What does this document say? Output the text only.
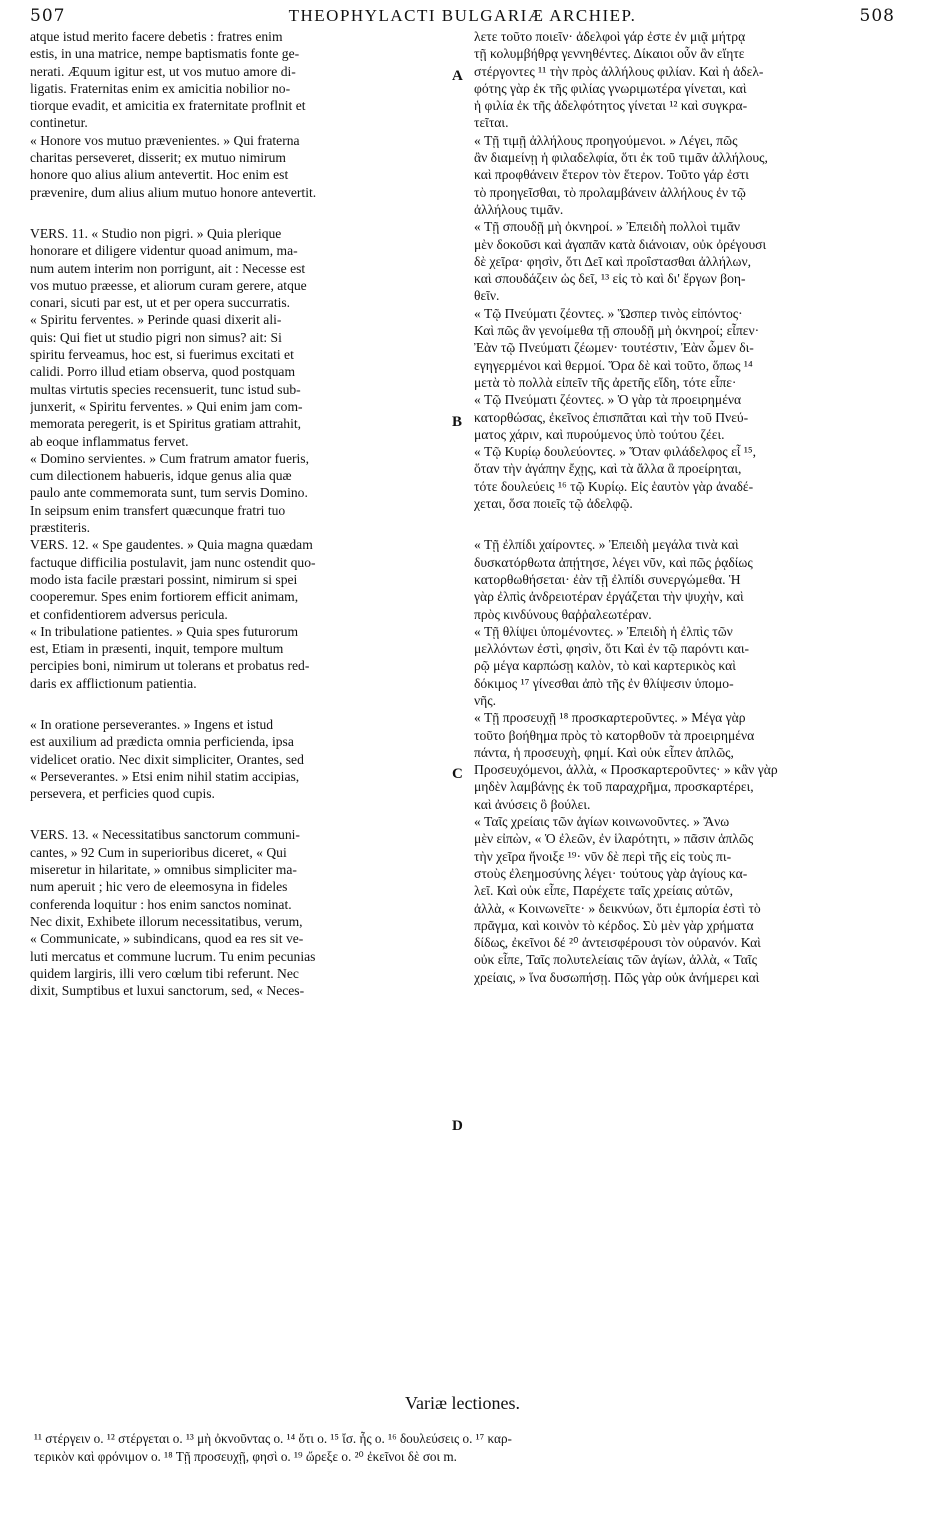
507	THEOPHYLACTI BULGARIÆ ARCHIEP.	508
atque istud merito facere debetis : fratres enim
estis, in una matrice, nempe baptismatis fonte ge-
nerati. Æquum igitur est, ut vos mutuo amore di-
ligatis. Fraternitas enim ex amicitia nobilior no-
tiorque evadit, et amicitia ex fraternitate proflnit et
continetur.
« Honore vos mutuo prævenientes. » Qui fraterna
charitas perseveret, disserit; ex mutuo nimirum
honore quo alius alium antevertit. Hoc enim est
prævenire, dum alius alium mutuo honore antevertit.
VERS. 11. « Studio non pigri. » Quia plerique
honorare et diligere videntur quoad animum, ma-
num autem interim non porrigunt, ait : Necesse est
vos mutuo præesse, et aliorum curam gerere, atque
conari, sicuti par est, ut et per opera succurratis.
« Spiritu ferventes. » Perinde quasi dixerit ali-
quis: Qui fiet ut studio pigri non simus? ait: Si
spiritu ferveamus, hoc est, si fuerimus excitati et
calidi. Porro illud etiam observa, quod postquam
multas virtutis species recensuerit, tunc istud sub-
junxerit, « Spiritu ferventes. » Qui enim jam com-
memorata peregerit, is et Spiritus gratiam attrahit,
ab eoque inflammatus fervet.
« Domino servientes. » Cum fratrum amator fueris,
cum dilectionem habueris, idque genus alia quæ
paulo ante commemorata sunt, tum servis Domino.
In seipsum enim transfert quæcunque fratri tuo
præstiteris.
VERS. 12. « Spe gaudentes. » Quia magna quædam
factuque difficilia postulavit, jam nunc ostendit quo-
modo ista facile præstari possint, nimirum si spei
cooperemur. Spes enim fortiorem efficit animam,
et confidentiorem adversus pericula.
« In tribulatione patientes. » Quia spes futurorum
est, Etiam in præsenti, inquit, tempore multum
percipies boni, nimirum ut tolerans et probatus red-
daris ex afflictionum patientia.
« In oratione perseverantes. » Ingens et istud
est auxilium ad prædicta omnia perficienda, ipsa
videlicet oratio. Nec dixit simpliciter, Orantes, sed
« Perseverantes. » Etsi enim nihil statim accipias,
persevera, et perficies quod cupis.
VERS. 13. « Necessitatibus sanctorum communi-
cantes, » 92 Cum in superioribus diceret, « Qui
miseretur in hilaritate, » omnibus simpliciter ma-
num aperuit ; hic vero de eleemosyna in fideles
conferenda loquitur : hos enim sanctos nominat.
Nec dixit, Exhibete illorum necessitatibus, verum,
« Communicate, » subindicans, quod ea res sit ve-
luti mercatus et commune lucrum. Tu enim pecunias
quidem largiris, illi vero cœlum tibi referunt. Nec
dixit, Sumptibus et luxui sanctorum, sed, « Neces-
A
B
C
D
λετε τοῦτο ποιεῖν· ἀδελφοὶ γάρ ἐστε ἐν μιᾷ μήτρᾳ
τῇ κολυμβήθρᾳ γεννηθέντες. Δίκαιοι οὖν ἂν εἴητε
στέργοντες ¹¹ τὴν πρὸς ἀλλήλους φιλίαν. Καὶ ἡ ἀδελ-
φότης γὰρ ἐκ τῆς φιλίας γνωριμωτέρα γίνεται, καὶ
ἡ φιλία ἐκ τῆς ἀδελφότητος γίνεται ¹² καὶ συγκρα-
τεῖται.
« Τῇ τιμῇ ἀλλήλους προηγούμενοι. » Λέγει, πῶς
ἂν διαμείνῃ ἡ φιλαδελφία, ὅτι ἐκ τοῦ τιμᾶν ἀλλήλους,
καὶ προφθάνειν ἕτερον τὸν ἕτερον. Τοῦτο γάρ ἐστι
τὸ προηγεῖσθαι, τὸ προλαμβάνειν ἀλλήλους ἐν τῷ
ἀλλήλους τιμᾶν.
« Τῇ σπουδῇ μὴ ὀκνηροί. » Ἐπειδὴ πολλοὶ τιμᾶν
μὲν δοκοῦσι καὶ ἀγαπᾶν κατὰ διάνοιαν, οὐκ ὀρέγουσι
δὲ χεῖρα· φησὶν, ὅτι Δεῖ καὶ προΐστασθαι ἀλλήλων,
καὶ σπουδάζειν ὡς δεῖ, ¹³ εἰς τὸ καὶ δι' ἔργων βοη-
θεῖν.
« Τῷ Πνεύματι ζέοντες. » Ὥσπερ τινὸς εἰπόντος·
Καὶ πῶς ἂν γενοίμεθα τῇ σπουδῇ μὴ ὀκνηροί; εἶπεν·
Ἐὰν τῷ Πνεύματι ζέωμεν· τουτέστιν, Ἐὰν ὦμεν δι-
εγηγερμένοι καὶ θερμοί. Ὅρα δὲ καὶ τοῦτο, ὅπως ¹⁴
μετὰ τὸ πολλὰ εἰπεῖν τῆς ἀρετῆς εἴδη, τότε εἶπε·
« Τῷ Πνεύματι ζέοντες. » Ὁ γὰρ τὰ προειρημένα
κατορθώσας, ἐκεῖνος ἐπισπᾶται καὶ τὴν τοῦ Πνεύ-
ματος χάριν, καὶ πυρούμενος ὑπὸ τούτου ζέει.
« Τῷ Κυρίῳ δουλεύοντες. » Ὅταν φιλάδελφος εἶ ¹⁵,
ὅταν τὴν ἀγάπην ἔχῃς, καὶ τὰ ἄλλα ἃ προείρηται,
τότε δουλεύεις ¹⁶ τῷ Κυρίῳ. Εἰς ἑαυτὸν γὰρ ἀναδέ-
χεται, ὅσα ποιεῖς τῷ ἀδελφῷ.
« Τῇ ἐλπίδι χαίροντες. » Ἐπειδὴ μεγάλα τινὰ καὶ
δυσκατόρθωτα ἀπῄτησε, λέγει νῦν, καὶ πῶς ῥᾳδίως
κατορθωθήσεται· ἐὰν τῇ ἐλπίδι συνεργώμεθα. Ἡ
γὰρ ἐλπὶς ἀνδρειοτέραν ἐργάζεται τὴν ψυχὴν, καὶ
πρὸς κινδύνους θαῤῥαλεωτέραν.
« Τῇ θλίψει ὑπομένοντες. » Ἐπειδὴ ἡ ἐλπὶς τῶν
μελλόντων ἐστὶ, φησὶν, ὅτι Καὶ ἐν τῷ παρόντι και-
ρῷ μέγα καρπώσῃ καλὸν, τὸ καὶ καρτερικὸς καὶ
δόκιμος ¹⁷ γίνεσθαι ἀπὸ τῆς ἐν θλίψεσιν ὑπομο-
νῆς.
« Τῇ προσευχῇ ¹⁸ προσκαρτεροῦντες. » Μέγα γὰρ
τοῦτο βοήθημα πρὸς τὸ κατορθοῦν τὰ προειρημένα
πάντα, ἡ προσευχὴ, φημί. Καὶ οὐκ εἶπεν ἁπλῶς,
Προσευχόμενοι, ἀλλὰ, « Προσκαρτεροῦντες· » κἂν γὰρ
μηδὲν λαμβάνῃς ἐκ τοῦ παραχρῆμα, προσκαρτέρει,
καὶ ἀνύσεις ὃ βούλει.
« Ταῖς χρείαις τῶν ἁγίων κοινωνοῦντες. » Ἄνω
μὲν εἰπὼν, « Ὁ ἐλεῶν, ἐν ἱλαρότητι, » πᾶσιν ἁπλῶς
τὴν χεῖρα ἤνοιξε ¹⁹· νῦν δὲ περὶ τῆς εἰς τοὺς πι-
στοὺς ἐλεημοσύνης λέγει· τούτους γὰρ ἁγίους κα-
λεῖ. Καὶ οὐκ εἶπε, Παρέχετε ταῖς χρείαις αὐτῶν,
ἀλλὰ, « Κοινωνεῖτε· » δεικνύων, ὅτι ἐμπορία ἐστὶ τὸ
πρᾶγμα, καὶ κοινὸν τὸ κέρδος. Σὺ μὲν γὰρ χρήματα
δίδως, ἐκεῖνοι δέ ²⁰ ἀντεισφέρουσι τὸν οὐρανόν. Καὶ
οὐκ εἶπε, Ταῖς πολυτελείαις τῶν ἁγίων, ἀλλὰ, « Ταῖς
χρείαις, » ἵνα δυσωπήσῃ. Πῶς γὰρ οὐκ ἀνήμερει καὶ
Variæ lectiones.
¹¹ στέργειν ο. ¹² στέργεται ο. ¹³ μὴ ὀκνοῦντας ο. ¹⁴ ὅτι ο. ¹⁵ ἴσ. ἦς ο. ¹⁶ δουλεύσεις ο. ¹⁷ καρ-
τερικὸν καὶ φρόνιμον ο. ¹⁸ Τῇ προσευχῇ, φησὶ ο. ¹⁹ ὤρεξε ο. ²⁰ ἐκεῖνοι δὲ σοι m.
